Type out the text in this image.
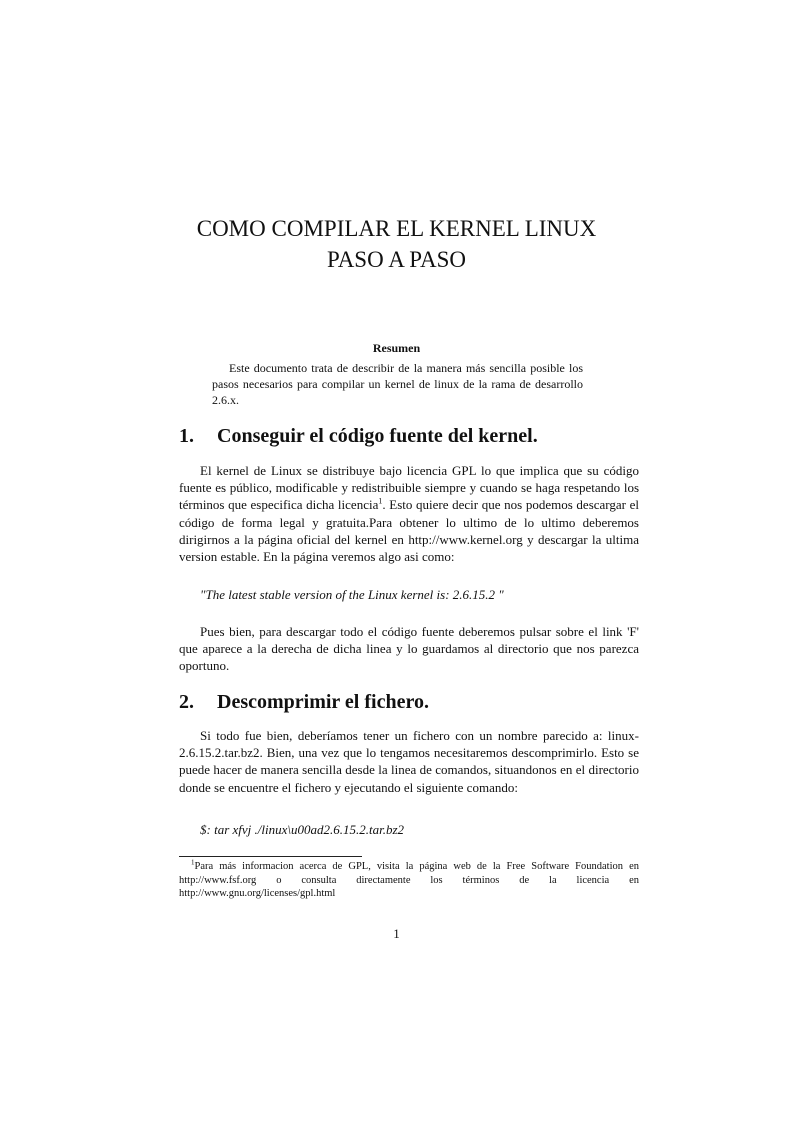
COMO COMPILAR EL KERNEL LINUX
PASO A PASO
Resumen

Este documento trata de describir de la manera más sencilla posible los pasos necesarios para compilar un kernel de linux de la rama de desarrollo 2.6.x.

1. Conseguir el código fuente del kernel.

El kernel de Linux se distribuye bajo licencia GPL lo que implica que su código fuente es público, modificable y redistribuible siempre y cuando se haga respetando los términos que especifica dicha licencia$^1$. Esto quiere decir que nos podemos descargar el código de forma legal y gratuita.Para obtener lo ultimo de lo ultimo deberemos dirigirnos a la página oficial del kernel en http://www.kernel.org y descargar la ultima version estable. En la página veremos algo asi como:

"The latest stable version of the Linux kernel is: 2.6.15.2 "

Pues bien, para descargar todo el código fuente deberemos pulsar sobre el link 'F' que aparece a la derecha de dicha linea y lo guardamos al directorio que nos parezca oportuno.

2. Descomprimir el fichero.

Si todo fue bien, deberíamos tener un fichero con un nombre parecido a: linux-2.6.15.2.tar.bz2. Bien, una vez que lo tengamos necesitaremos descomprimirlo. Esto se puede hacer de manera sencilla desde la linea de comandos, situandonos en el directorio donde se encuentre el fichero y ejecutando el siguiente comando:

$: tar xfvj ./linux\u00ad2.6.15.2.tar.bz2

$^1$Para más informacion acerca de GPL, visita la página web de la Free Software Foundation en http://www.fsf.org o consulta directamente los términos de la licencia en http://www.gnu.org/licenses/gpl.html

1
